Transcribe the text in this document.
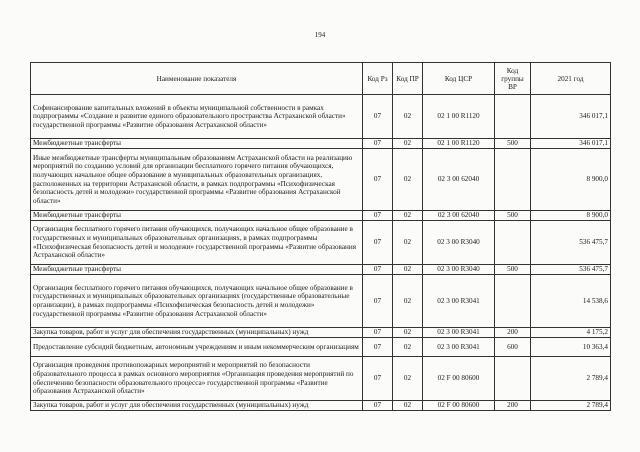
194
Наименование показателя	Код Рз	Код ПР	Код ЦСР	Код группы ВР	2021 год
Софинансирование капитальных вложений в объекты муниципальной собственности в рамках подпрограммы «Создание и развитие единого образовательного пространства Астраханской области» государственной программы «Развитие образования Астраханской области»	07	02	02 1 00 R1120		346 017,1
Межбюджетные трансферты	07	02	02 1 00 R1120	500	346 017,1
Иные межбюджетные трансферты муниципальным образованиям Астраханской области на реализацию мероприятий по созданию условий для организации бесплатного горячего питания обучающихся, получающих начальное общее образование в муниципальных образовательных организациях, расположенных на территории Астраханской области, в рамках подпрограммы «Психофизическая безопасность детей и молодежи» государственной программы «Развитие образования Астраханской области»	07	02	02 3 00 62040		8 900,0
Межбюджетные трансферты	07	02	02 3 00 62040	500	8 900,0
Организация бесплатного горячего питания обучающихся, получающих начальное общее образование в государственных и муниципальных образовательных организациях, в рамках подпрограммы «Психофизическая безопасность детей и молодежи» государственной программы «Развитие образования Астраханской области»	07	02	02 3 00 R3040		536 475,7
Межбюджетные трансферты	07	02	02 3 00 R3040	500	536 475,7
Организация бесплатного горячего питания обучающихся, получающих начальное общее образование в государственных и муниципальных образовательных организациях (государственные образовательные организации), в рамках подпрограммы «Психофизическая безопасность детей и молодежи» государственной программы «Развитие образования Астраханской области»	07	02	02 3 00 R3041		14 538,6
Закупка товаров, работ и услуг для обеспечения государственных (муниципальных) нужд	07	02	02 3 00 R3041	200	4 175,2
Предоставление субсидий бюджетным, автономным учреждениям и иным некоммерческим организациям	07	02	02 3 00 R3041	600	10 363,4
Организация проведения противопожарных мероприятий и мероприятий по безопасности образовательного процесса в рамках основного мероприятия «Организация проведения мероприятий по обеспечению безопасности образовательного процесса» государственной программы «Развитие образования Астраханской области»	07	02	02 F 00 80600		2 789,4
Закупка товаров, работ и услуг для обеспечения государственных (муниципальных) нужд	07	02	02 F 00 80600	200	2 789,4
